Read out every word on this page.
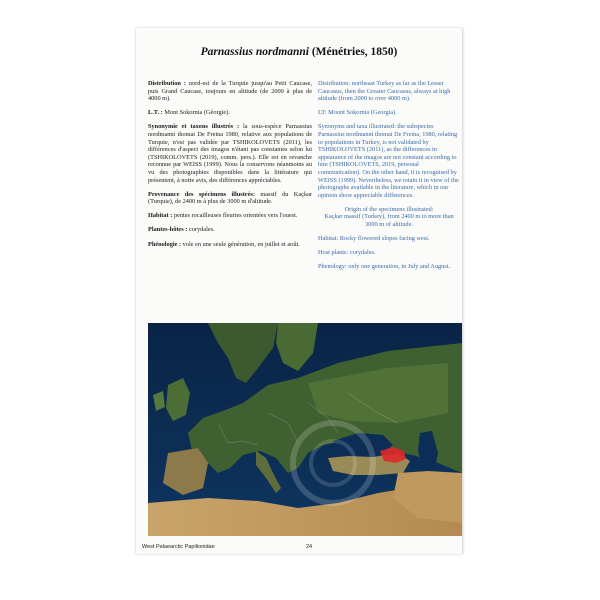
Parnassius nordmanni (Ménétries, 1850)

Distribution : nord-est de la Turquie jusqu'au Petit Caucase, puis Grand Caucase, toujours en altitude (de 2000 à plus de 4000 m).

L.T. : Mont Sokornia (Géorgie).

Synonymie et taxons illustrés : la sous-espèce Parnassius nordmanni thomai De Freina 1980, relative aux populations de Turquie, n'est pas validée par TSHIKOLOVETS (2011), les différences d'aspect des imagos n'étant pas constantes selon lui (TSHIKOLOVETS (2019), comm. pers.). Elle est en revanche reconnue par WEISS (1999). Nous la conservons néanmoins au vu des photographies disponibles dans la littérature qui présentent, à notre avis, des différences appréciables.

Provenance des spécimens illustrés: massif du Kaçkar (Turquie), de 2400 m à plus de 3000 m d'altitude.

Habitat : pentes rocailleuses fleuries orientées vers l'ouest.

Plantes-hôtes : corydales.

Phénologie : vole en une seule génération, en juillet et août.

Distribution: northeast Turkey as far as the Lesser Caucasus, then the Greater Caucasus, always at high altitude (from 2000 to over 4000 m).

LT: Mount Sokornia (Georgia).

Synonyms and taxa illustrated: the subspecies Parnassius nordmanni thomai De Freina, 1980, relating to populations in Turkey, is not validated by TSHIKOLOVETS (2011), as the differences in appearance of the imagos are not constant according to him (TSHIKOLOVETS, 2019, personal communication). On the other hand, it is recognised by WEISS (1999). Nevertheless, we retain it in view of the photographs available in the literature, which in our opinion show appreciable differences.

Origin of the specimens illustrated:

Kaçkar massif (Turkey), from 2400 m to more than 3000 m of altitude.

Habitat: Rocky flowered slopes facing west.

Host plants: corydales.

Phenology: only one generation, in July and August.

West Palaearctic Papilionidae	24
